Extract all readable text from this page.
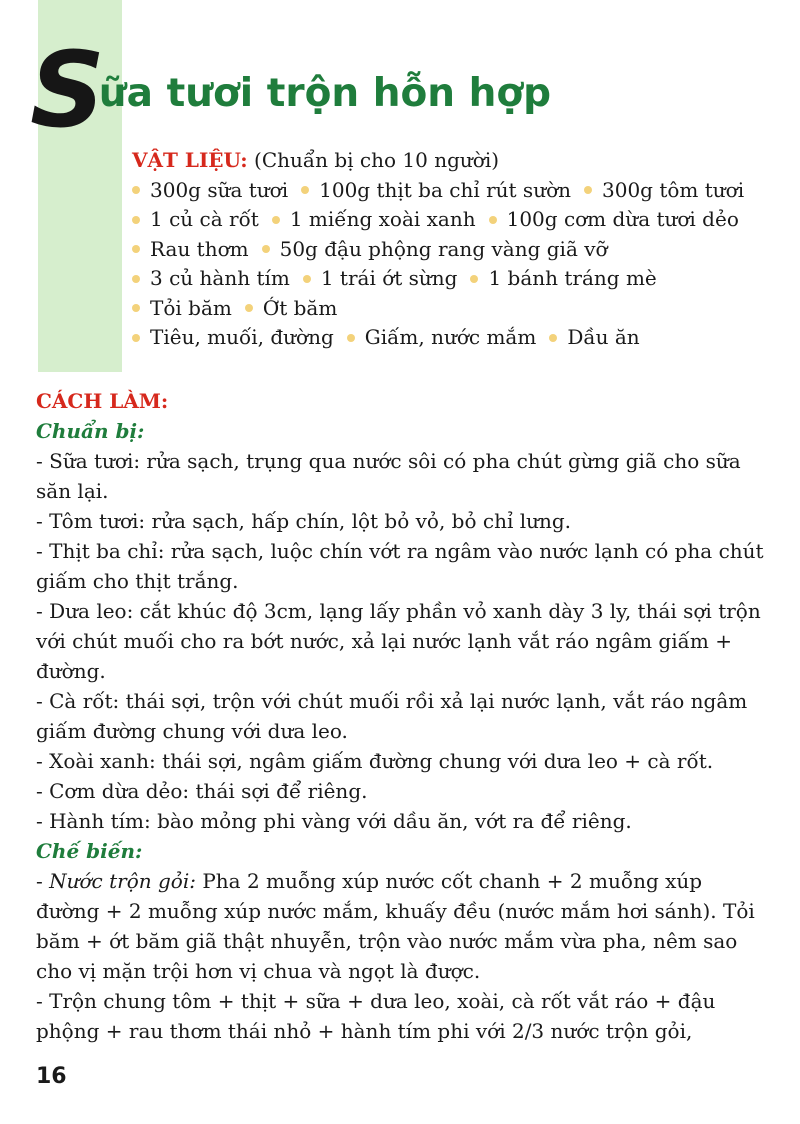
Sữa tươi trộn hỗn hợp
VẬT LIỆU: (Chuẩn bị cho 10 người)
300g sữa tươi 100g thịt ba chỉ rút sườn 300g tôm tươi
1 củ cà rốt 1 miếng xoài xanh 100g cơm dừa tươi dẻo
Rau thơm 50g đậu phộng rang vàng giã vỡ
3 củ hành tím 1 trái ớt sừng 1 bánh tráng mè
Tỏi băm Ớt băm
Tiêu, muối, đường Giấm, nước mắm Dầu ăn
CÁCH LÀM:
Chuẩn bị:
- Sữa tươi: rửa sạch, trụng qua nước sôi có pha chút gừng giã cho sữa săn lại.
- Tôm tươi: rửa sạch, hấp chín, lột bỏ vỏ, bỏ chỉ lưng.
- Thịt ba chỉ: rửa sạch, luộc chín vớt ra ngâm vào nước lạnh có pha chút giấm cho thịt trắng.
- Dưa leo: cắt khúc độ 3cm, lạng lấy phần vỏ xanh dày 3 ly, thái sợi trộn với chút muối cho ra bớt nước, xả lại nước lạnh vắt ráo ngâm giấm + đường.
- Cà rốt: thái sợi, trộn với chút muối rồi xả lại nước lạnh, vắt ráo ngâm giấm đường chung với dưa leo.
- Xoài xanh: thái sợi, ngâm giấm đường chung với dưa leo + cà rốt.
- Cơm dừa dẻo: thái sợi để riêng.
- Hành tím: bào mỏng phi vàng với dầu ăn, vớt ra để riêng.
Chế biến:
- Nước trộn gỏi: Pha 2 muỗng xúp nước cốt chanh + 2 muỗng xúp đường + 2 muỗng xúp nước mắm, khuấy đều (nước mắm hơi sánh). Tỏi băm + ớt băm giã thật nhuyễn, trộn vào nước mắm vừa pha, nêm sao cho vị mặn trội hơn vị chua và ngọt là được.
- Trộn chung tôm + thịt + sữa + dưa leo, xoài, cà rốt vắt ráo + đậu phộng + rau thơm thái nhỏ + hành tím phi với 2/3 nước trộn gỏi,
16
